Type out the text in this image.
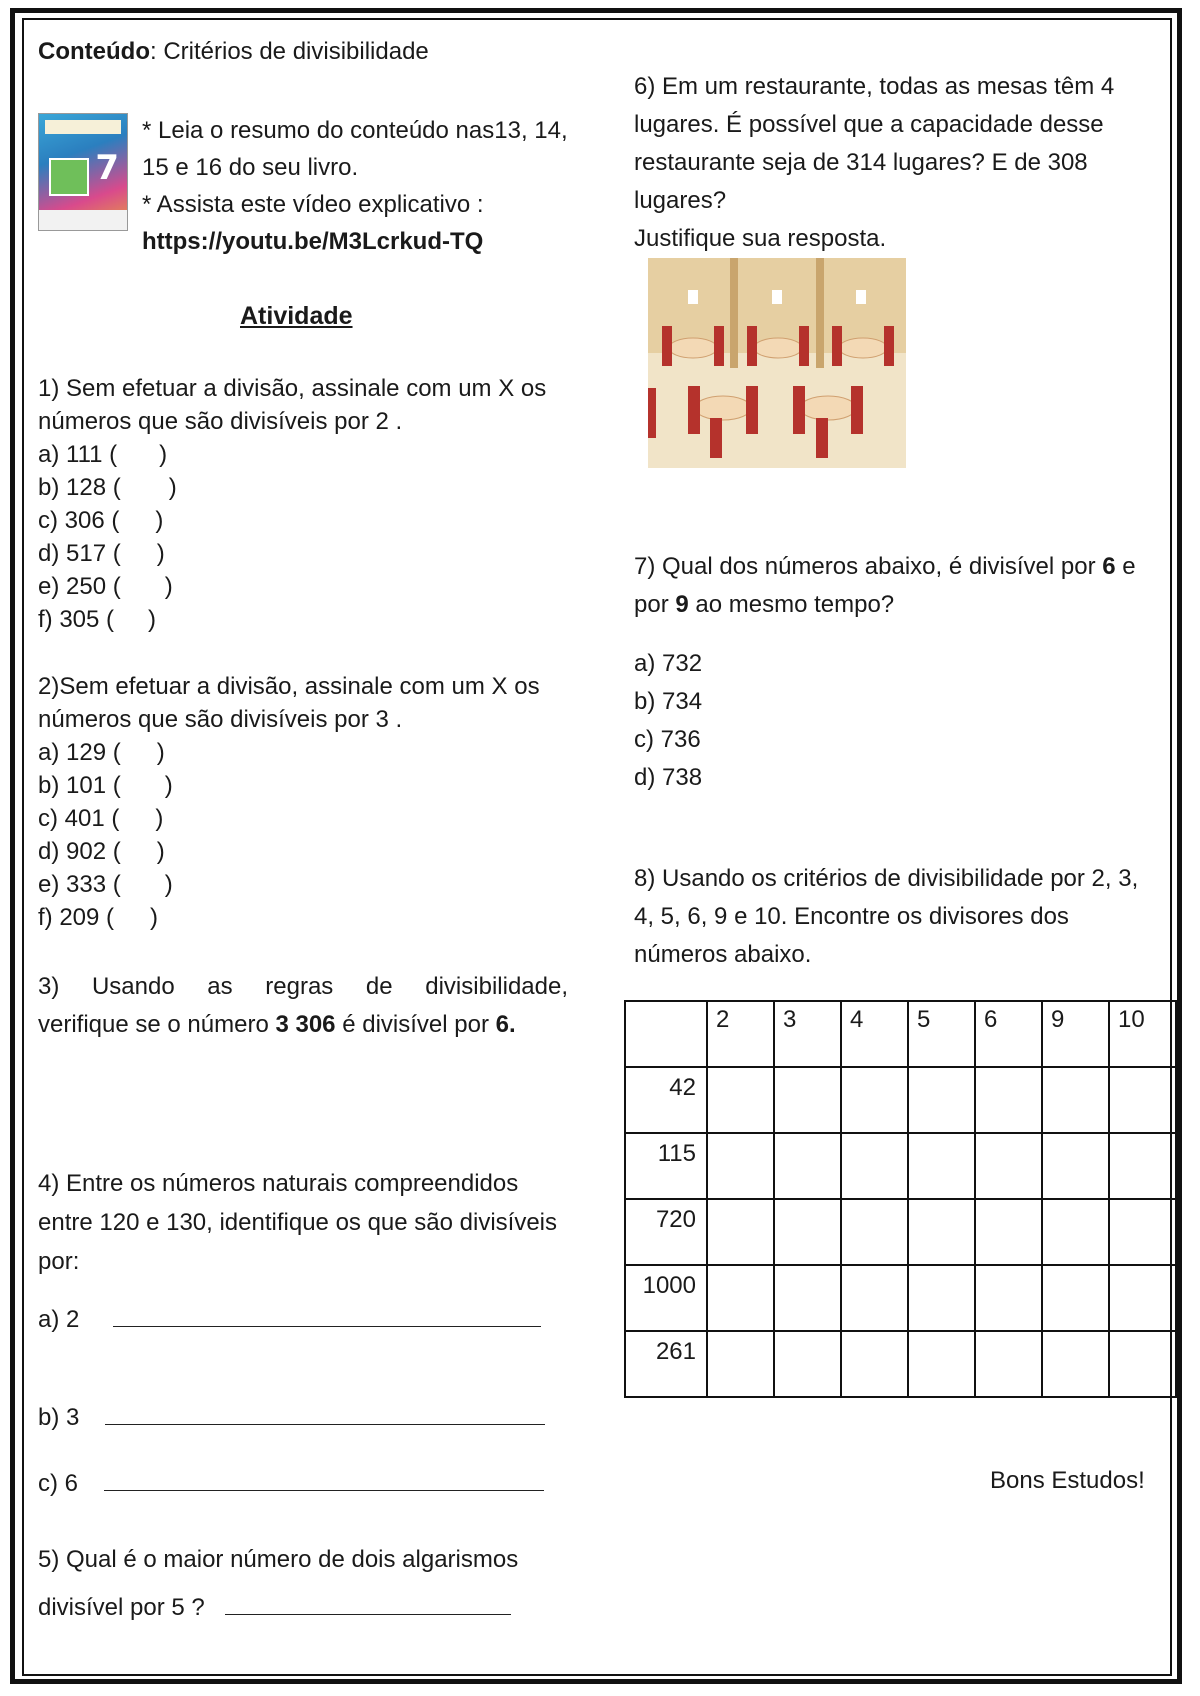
Conteúdo: Critérios de divisibilidade
7
* Leia o resumo do conteúdo nas13, 14, 15 e 16 do seu livro.
* Assista este vídeo explicativo :
https://youtu.be/M3Lcrkud-TQ
Atividade
1) Sem efetuar a divisão, assinale com um X os números que são divisíveis por 2 .
a) 111 ( )
b) 128 ( )
c) 306 ( )
d) 517 ( )
e) 250 ( )
f) 305 ( )
2)Sem efetuar a divisão, assinale com um X os números que são divisíveis por 3 .
a) 129 ( )
b) 101 ( )
c) 401 ( )
d) 902 ( )
e) 333 ( )
f) 209 ( )
3) Usando as regras de divisibilidade,
verifique se o número 3 306 é divisível por 6.
4) Entre os números naturais compreendidos entre 120 e 130, identifique os que são divisíveis por:
a) 2
b) 3
c) 6
5) Qual é o maior número de dois algarismos
divisível por 5 ?
6) Em um restaurante, todas as mesas têm 4 lugares. É possível que a capacidade desse restaurante seja de 314 lugares? E de 308 lugares?
Justifique sua resposta.
7) Qual dos números abaixo, é divisível por 6 e por 9 ao mesmo tempo?
a) 732
b) 734
c) 736
d) 738
8) Usando os critérios de divisibilidade por 2, 3, 4, 5, 6, 9 e 10. Encontre os divisores dos números abaixo.
	2	3	4	5	6	9	10
42							
115							
720							
1000							
261							
Bons Estudos!
